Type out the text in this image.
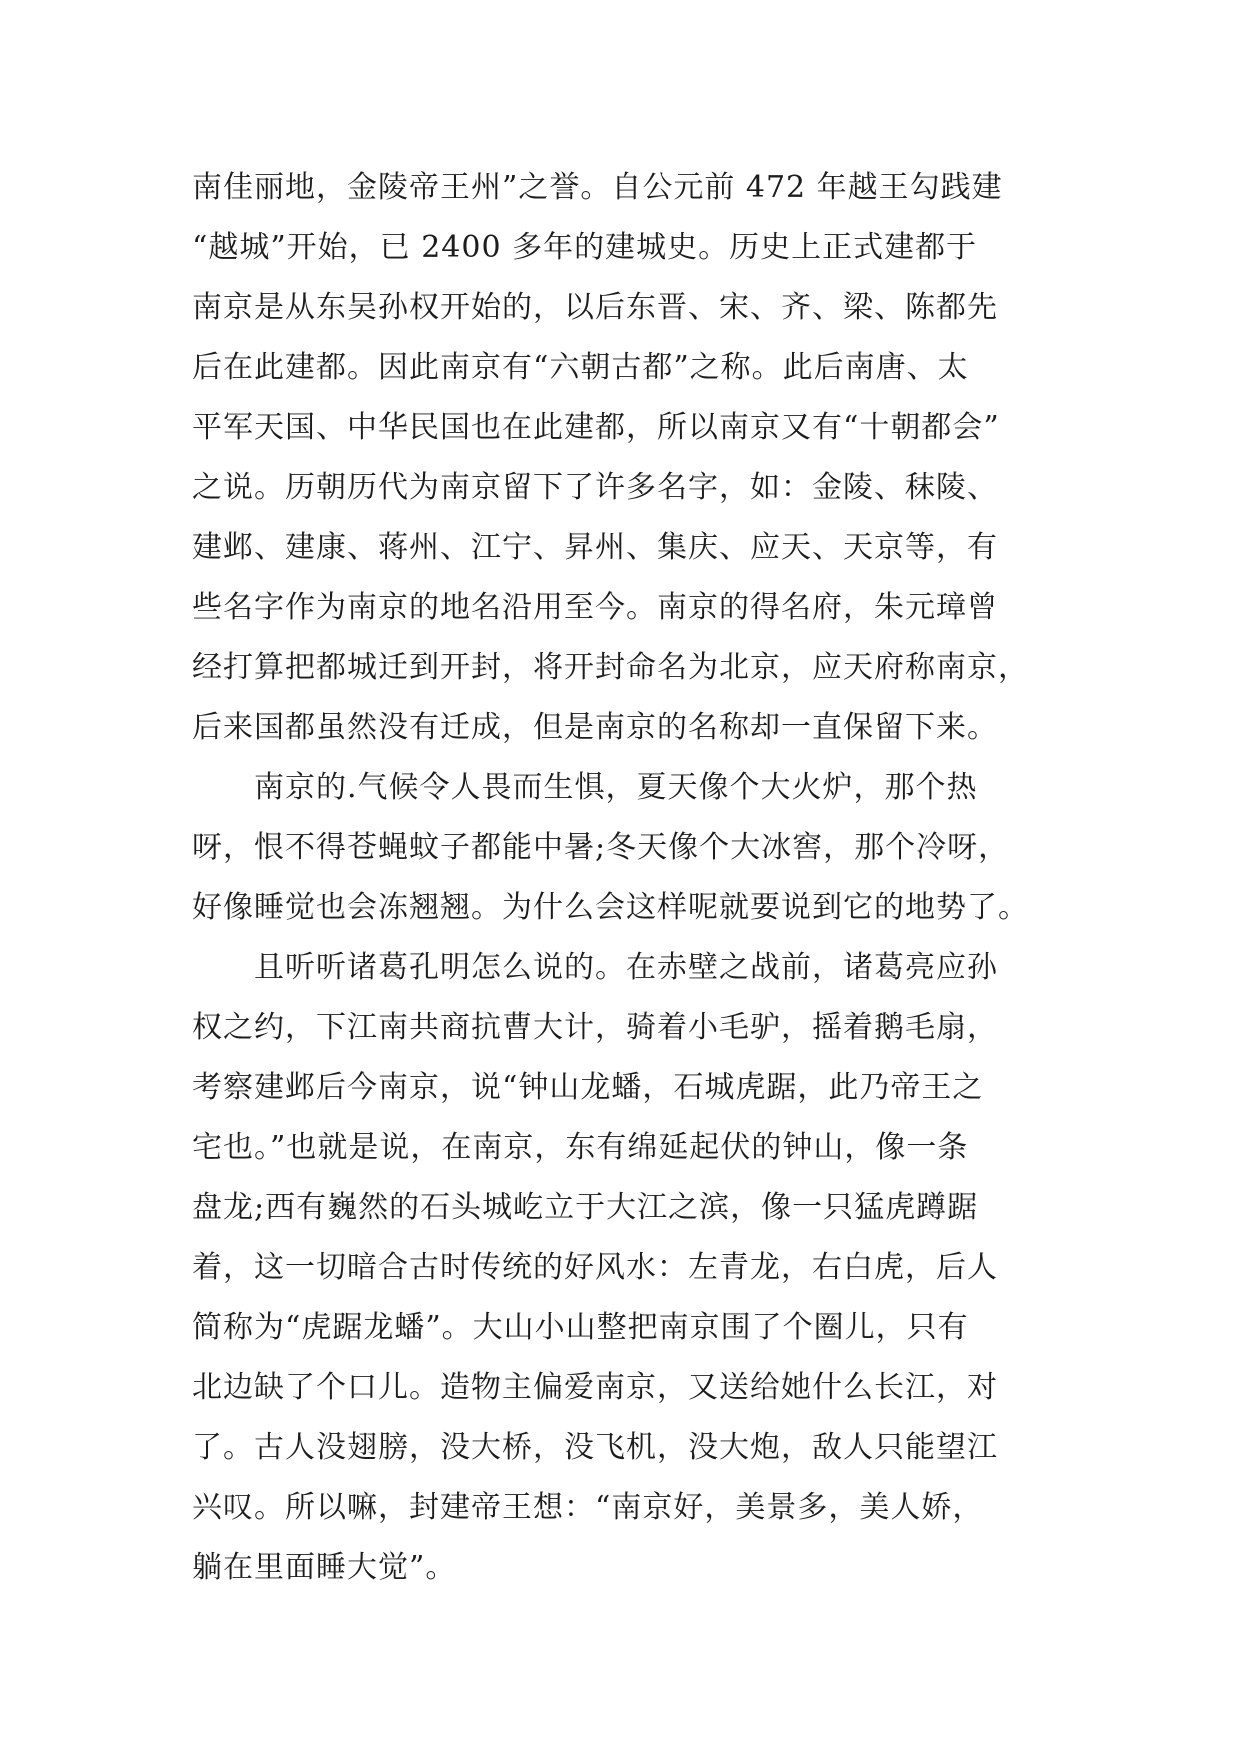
南佳丽地，金陵帝王州”之誉。自公元前 472 年越王勾践建
“越城”开始，已 2400 多年的建城史。历史上正式建都于
南京是从东吴孙权开始的，以后东晋、宋、齐、梁、陈都先
后在此建都。因此南京有“六朝古都”之称。此后南唐、太
平军天国、中华民国也在此建都，所以南京又有“十朝都会”
之说。历朝历代为南京留下了许多名字，如：金陵、秣陵、
建邺、建康、蒋州、江宁、昇州、集庆、应天、天京等，有
些名字作为南京的地名沿用至今。南京的得名府，朱元璋曾
经打算把都城迁到开封，将开封命名为北京，应天府称南京，
后来国都虽然没有迁成，但是南京的名称却一直保留下来。
南京的.气候令人畏而生惧，夏天像个大火炉，那个热
呀，恨不得苍蝇蚊子都能中暑;冬天像个大冰窖，那个冷呀，
好像睡觉也会冻翘翘。为什么会这样呢就要说到它的地势了。
且听听诸葛孔明怎么说的。在赤壁之战前，诸葛亮应孙
权之约，下江南共商抗曹大计，骑着小毛驴，摇着鹅毛扇，
考察建邺后今南京，说“钟山龙蟠，石城虎踞，此乃帝王之
宅也。”也就是说，在南京，东有绵延起伏的钟山，像一条
盘龙;西有巍然的石头城屹立于大江之滨，像一只猛虎蹲踞
着，这一切暗合古时传统的好风水：左青龙，右白虎，后人
简称为“虎踞龙蟠”。大山小山整把南京围了个圈儿，只有
北边缺了个口儿。造物主偏爱南京，又送给她什么长江，对
了。古人没翅膀，没大桥，没飞机，没大炮，敌人只能望江
兴叹。所以嘛，封建帝王想：“南京好，美景多，美人娇，
躺在里面睡大觉”。
